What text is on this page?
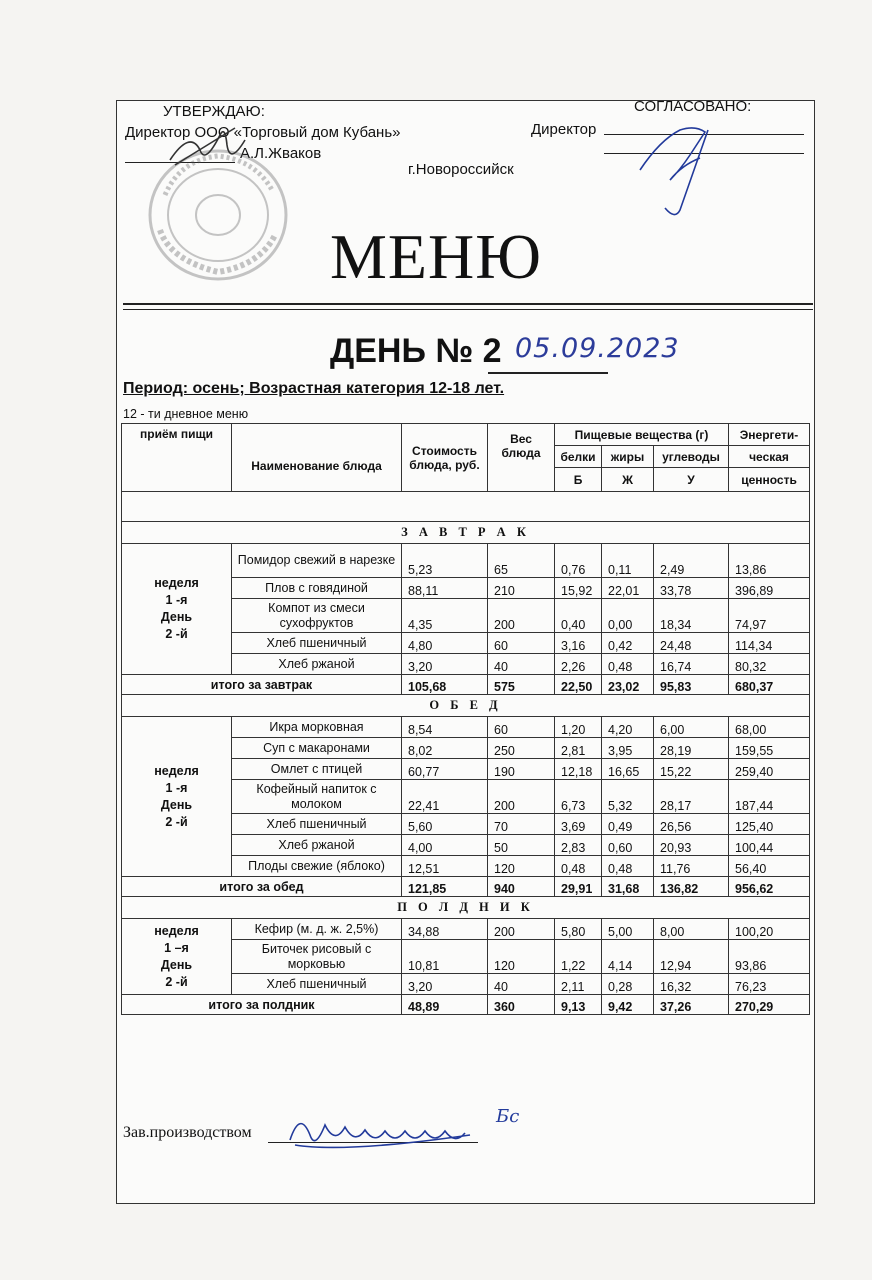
УТВЕРЖДАЮ:
Директор ООО «Торговый дом Кубань»
А.Л.Жваков
СОГЛАСОВАНО:
Директор
г.Новороссийск
МЕНЮ
ДЕНЬ № 2 05.09.2023
Период: осень; Возрастная категория 12-18 лет.
12 - ти дневное меню
приём пищи	Наименование блюда	Стоимость блюда, руб.	Вес блюда	Пищевые вещества (г)			Энергети-
				белки	жиры	углеводы	ческая
				Б	Ж	У	ценность

З А В Т Р А К							

неделя
1 -я
День
2 -й	Помидор свежий в нарезке	5,23	65	0,76	0,11	2,49	13,86
	Плов с говядиной	88,11	210	15,92	22,01	33,78	396,89
	Компот из смеси сухофруктов	4,35	200	0,40	0,00	18,34	74,97
	Хлеб пшеничный	4,80	60	3,16	0,42	24,48	114,34
	Хлеб ржаной	3,20	40	2,26	0,48	16,74	80,32
итого за завтрак		105,68	575	22,50	23,02	95,83	680,37
О Б Е Д							

неделя
1 -я
День
2 -й	Икра морковная	8,54	60	1,20	4,20	6,00	68,00
	Суп с макаронами	8,02	250	2,81	3,95	28,19	159,55
	Омлет с птицей	60,77	190	12,18	16,65	15,22	259,40
	Кофейный напиток с молоком	22,41	200	6,73	5,32	28,17	187,44
	Хлеб пшеничный	5,60	70	3,69	0,49	26,56	125,40
	Хлеб ржаной	4,00	50	2,83	0,60	20,93	100,44
	Плоды свежие (яблоко)	12,51	120	0,48	0,48	11,76	56,40
итого за обед		121,85	940	29,91	31,68	136,82	956,62
П О Л Д Н И К							

неделя
1 –я
День
2 -й	Кефир (м. д. ж. 2,5%)	34,88	200	5,80	5,00	8,00	100,20
	Биточек рисовый с морковью	10,81	120	1,22	4,14	12,94	93,86
	Хлеб пшеничный	3,20	40	2,11	0,28	16,32	76,23
итого за полдник		48,89	360	9,13	9,42	37,26	270,29
Зав.производством
Бс
